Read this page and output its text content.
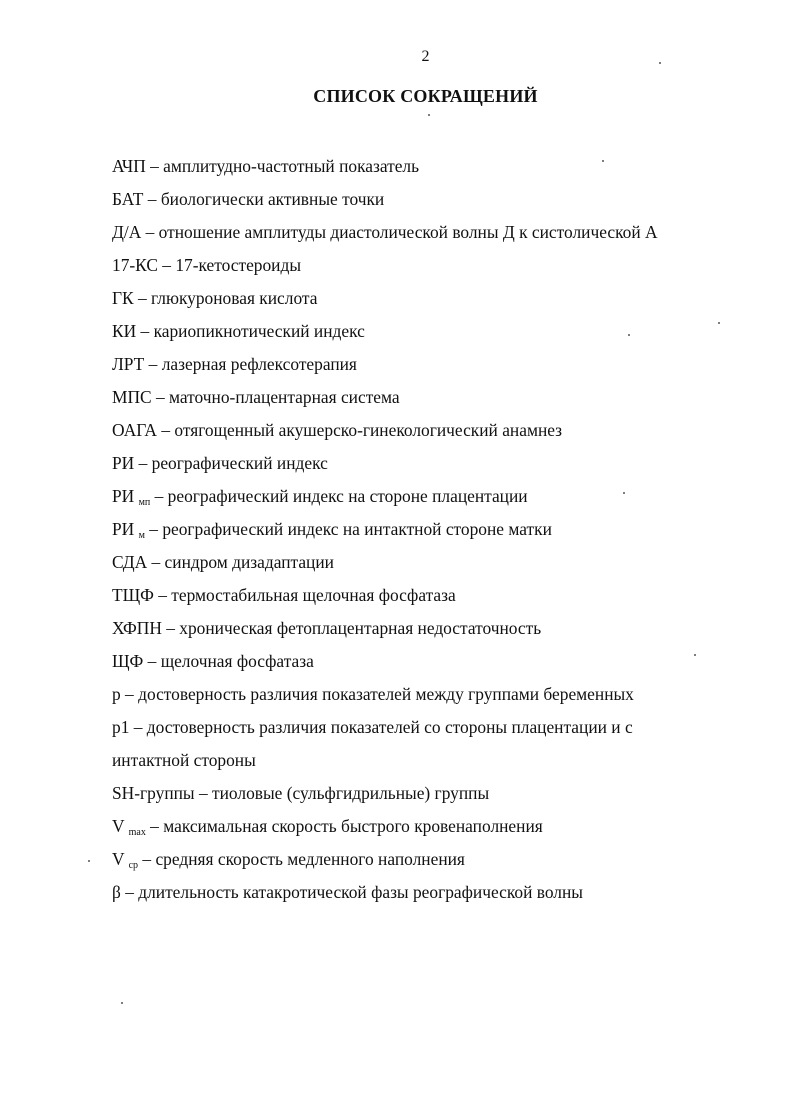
2
СПИСОК СОКРАЩЕНИЙ
АЧП – амплитудно-частотный показатель
БАТ – биологически активные точки
Д/А – отношение амплитуды диастолической волны Д к систолической А
17-КС – 17-кетостероиды
ГК – глюкуроновая кислота
КИ – кариопикнотический индекс
ЛРТ – лазерная рефлексотерапия
МПС – маточно-плацентарная система
ОАГА – отягощенный акушерско-гинекологический анамнез
РИ – реографический индекс
РИ $_{мп}$ – реографический индекс на стороне плацентации
РИ $_м$ – реографический индекс на интактной стороне матки
СДА – синдром дизадаптации
ТЩФ – термостабильная щелочная фосфатаза
ХФПН – хроническая фетоплацентарная недостаточность
ЩФ – щелочная фосфатаза
р – достоверность различия показателей между группами беременных
р1 – достоверность различия показателей со стороны плацентации и с интактной стороны
SH-группы – тиоловые (сульфгидрильные) группы
V $_{max}$ – максимальная скорость быстрого кровенаполнения
V $_{ср}$ – средняя скорость медленного наполнения
β – длительность катакротической фазы реографической волны
